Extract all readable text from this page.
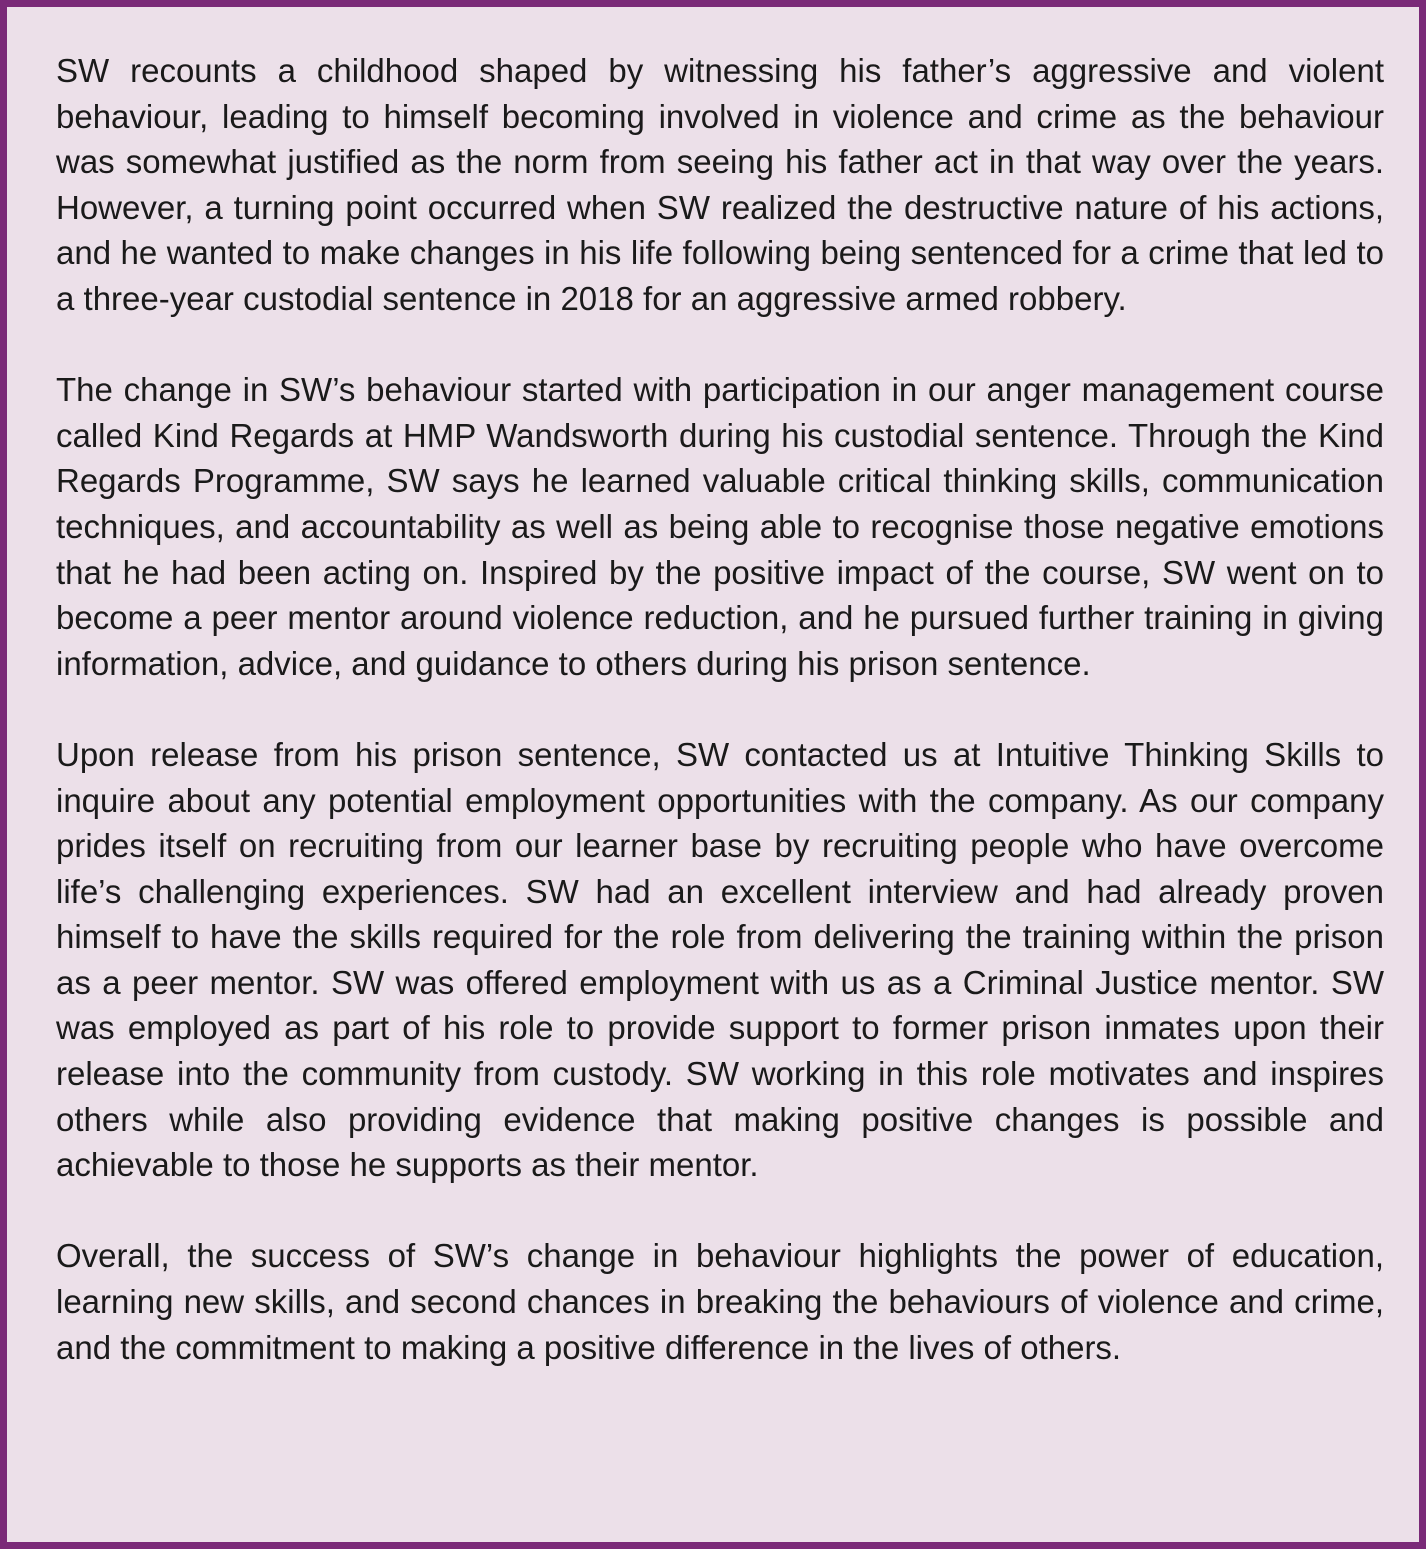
SW recounts a childhood shaped by witnessing his father’s aggressive and violent behaviour, leading to himself becoming involved in violence and crime as the behaviour was somewhat justified as the norm from seeing his father act in that way over the years. However, a turning point occurred when SW realized the destructive nature of his actions, and he wanted to make changes in his life following being sentenced for a crime that led to a three-year custodial sentence in 2018 for an aggressive armed robbery.

The change in SW’s behaviour started with participation in our anger management course called Kind Regards at HMP Wandsworth during his custodial sentence. Through the Kind Regards Programme, SW says he learned valuable critical thinking skills, communication techniques, and accountability as well as being able to recognise those negative emotions that he had been acting on. Inspired by the positive impact of the course, SW went on to become a peer mentor around violence reduction, and he pursued further training in giving information, advice, and guidance to others during his prison sentence.

Upon release from his prison sentence, SW contacted us at Intuitive Thinking Skills to inquire about any potential employment opportunities with the company. As our company prides itself on recruiting from our learner base by recruiting people who have overcome life’s challenging experiences. SW had an excellent interview and had already proven himself to have the skills required for the role from delivering the training within the prison as a peer mentor. SW was offered employment with us as a Criminal Justice mentor. SW was employed as part of his role to provide support to former prison inmates upon their release into the community from custody. SW working in this role motivates and inspires others while also providing evidence that making positive changes is possible and achievable to those he supports as their mentor.

Overall, the success of SW’s change in behaviour highlights the power of education, learning new skills, and second chances in breaking the behaviours of violence and crime, and the commitment to making a positive difference in the lives of others.
